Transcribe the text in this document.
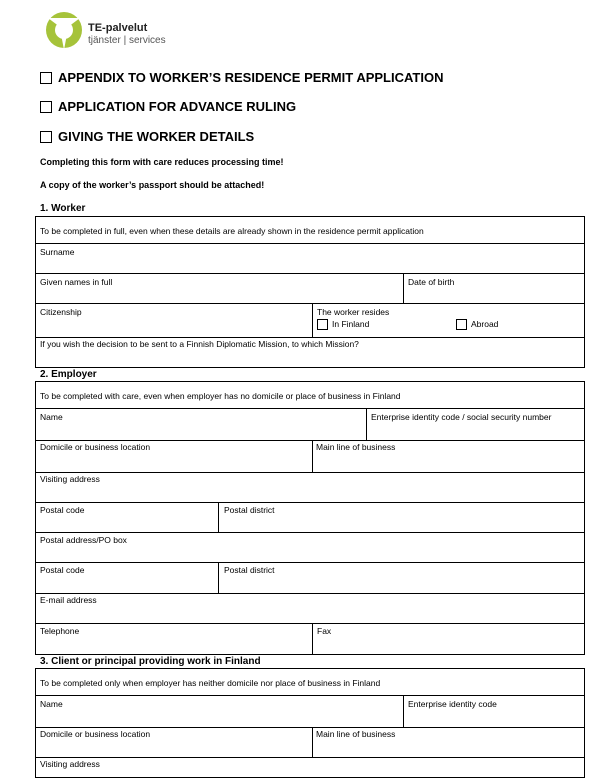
TE-palvelut
tjänster | services
APPENDIX TO WORKER’S RESIDENCE PERMIT APPLICATION
APPLICATION FOR ADVANCE RULING
GIVING THE WORKER DETAILS
Completing this form with care reduces processing time!
A copy of the worker’s passport should be attached!
1. Worker
To be completed in full, even when these details are already shown in the residence permit application
Surname
Given names in full	Date of birth
Citizenship	The worker resides
In Finland	Abroad
If you wish the decision to be sent to a Finnish Diplomatic Mission, to which Mission?
2. Employer
To be completed with care, even when employer has no domicile or place of business in Finland
Name	Enterprise identity code / social security number
Domicile or business location	Main line of business
Visiting address
Postal code	Postal district
Postal address/PO box
Postal code	Postal district
E-mail address
Telephone	Fax
3. Client or principal providing work in Finland
To be completed only when employer has neither domicile nor place of business in Finland
Name	Enterprise identity code
Domicile or business location	Main line of business
Visiting address
